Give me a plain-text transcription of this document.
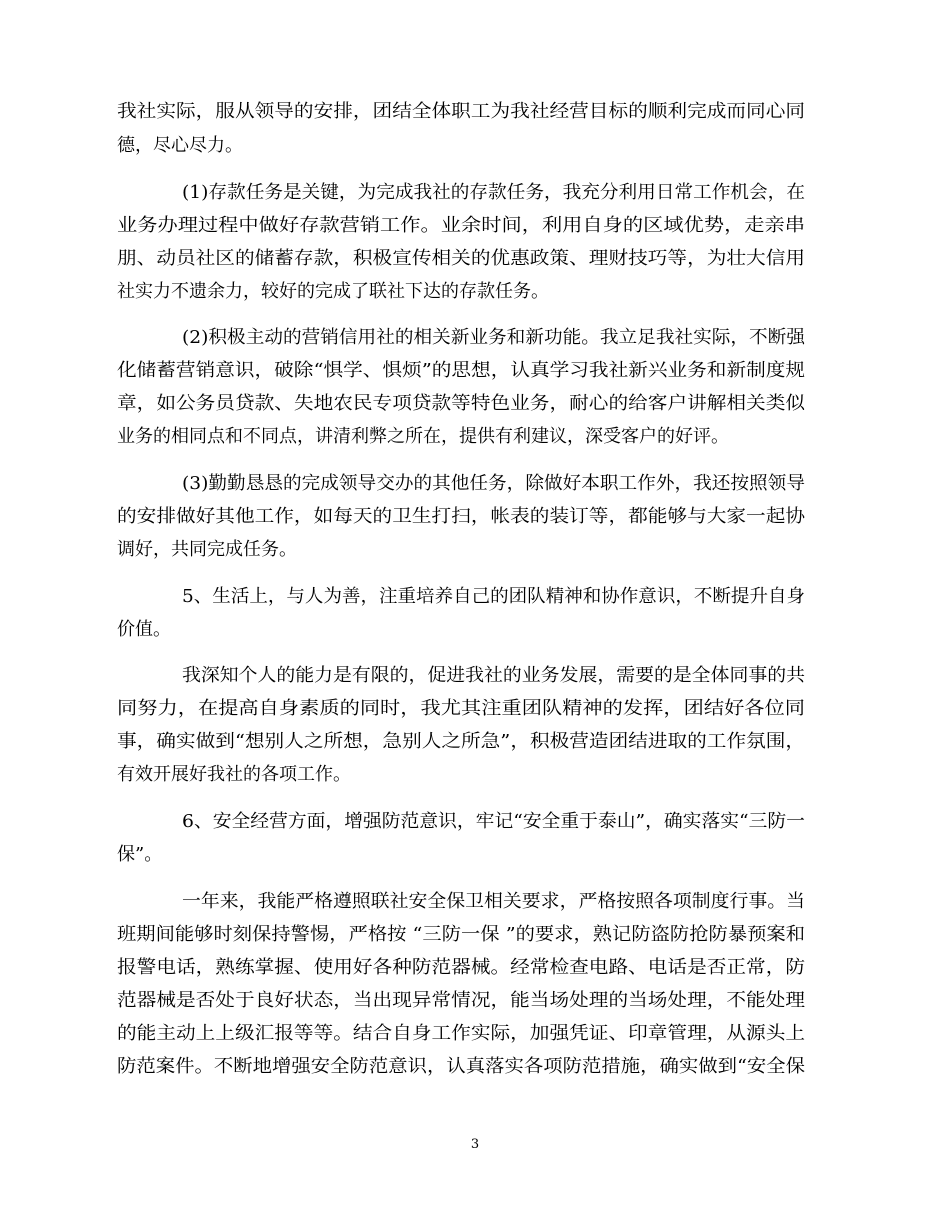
我社实际，服从领导的安排，团结全体职工为我社经营目标的顺利完成而同心同
德，尽心尽力。
(1)存款任务是关键，为完成我社的存款任务，我充分利用日常工作机会，在
业务办理过程中做好存款营销工作。业余时间，利用自身的区域优势，走亲串
朋、动员社区的储蓄存款，积极宣传相关的优惠政策、理财技巧等，为壮大信用
社实力不遗余力，较好的完成了联社下达的存款任务。
(2)积极主动的营销信用社的相关新业务和新功能。我立足我社实际，不断强
化储蓄营销意识，破除“惧学、惧烦”的思想，认真学习我社新兴业务和新制度规
章，如公务员贷款、失地农民专项贷款等特色业务，耐心的给客户讲解相关类似
业务的相同点和不同点，讲清利弊之所在，提供有利建议，深受客户的好评。
(3)勤勤恳恳的完成领导交办的其他任务，除做好本职工作外，我还按照领导
的安排做好其他工作，如每天的卫生打扫，帐表的装订等，都能够与大家一起协
调好，共同完成任务。
5、生活上，与人为善，注重培养自己的团队精神和协作意识，不断提升自身
价值。
我深知个人的能力是有限的，促进我社的业务发展，需要的是全体同事的共
同努力，在提高自身素质的同时，我尤其注重团队精神的发挥，团结好各位同
事，确实做到“想别人之所想，急别人之所急”，积极营造团结进取的工作氛围，
有效开展好我社的各项工作。
6、安全经营方面，增强防范意识，牢记“安全重于泰山”，确实落实“三防一
保”。
一年来，我能严格遵照联社安全保卫相关要求，严格按照各项制度行事。当
班期间能够时刻保持警惕，严格按 “三防一保 ”的要求，熟记防盗防抢防暴预案和
报警电话，熟练掌握、使用好各种防范器械。经常检查电路、电话是否正常，防
范器械是否处于良好状态，当出现异常情况，能当场处理的当场处理，不能处理
的能主动上上级汇报等等。结合自身工作实际，加强凭证、印章管理，从源头上
防范案件。不断地增强安全防范意识，认真落实各项防范措施，确实做到“安全保
3
